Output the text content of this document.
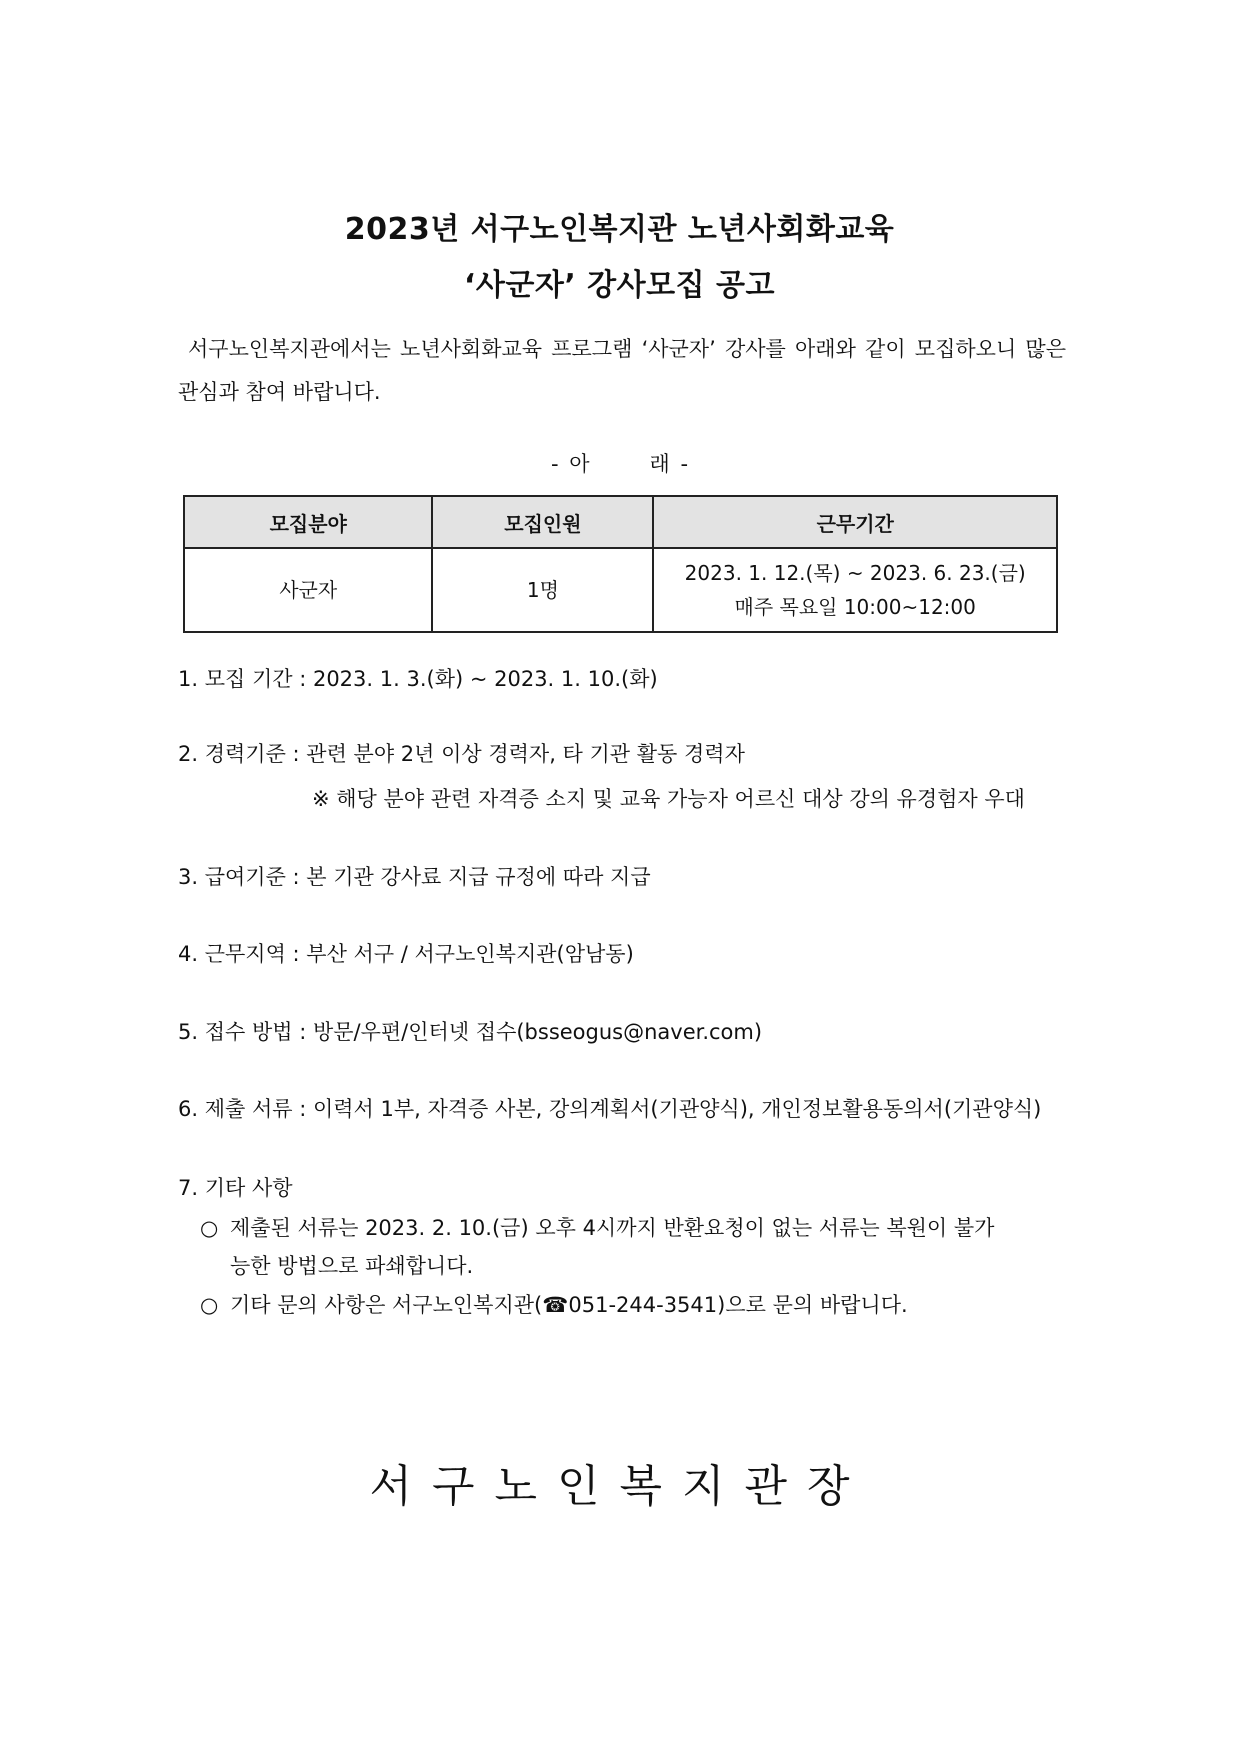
2023년 서구노인복지관 노년사회화교육
‘사군자’ 강사모집 공고
서구노인복지관에서는 노년사회화교육 프로그램 ‘사군자’ 강사를 아래와 같이 모집하오니 많은 관심과 참여 바랍니다.
- 아	래 -
모집분야	모집인원	근무기간
사군자	1명	2023. 1. 12.(목) ~ 2023. 6. 23.(금)
매주 목요일 10:00~12:00
1. 모집 기간 : 2023. 1. 3.(화) ~ 2023. 1. 10.(화)
2. 경력기준 : 관련 분야 2년 이상 경력자, 타 기관 활동 경력자
※ 해당 분야 관련 자격증 소지 및 교육 가능자 어르신 대상 강의 유경험자 우대
3. 급여기준 : 본 기관 강사료 지급 규정에 따라 지급
4. 근무지역 : 부산 서구 / 서구노인복지관(암남동)
5. 접수 방법 : 방문/우편/인터넷 접수(bsseogus@naver.com)
6. 제출 서류 : 이력서 1부, 자격증 사본, 강의계획서(기관양식), 개인정보활용동의서(기관양식)
7. 기타 사항
○ 제출된 서류는 2023. 2. 10.(금) 오후 4시까지 반환요청이 없는 서류는 복원이 불가
능한 방법으로 파쇄합니다.
○ 기타 문의 사항은 서구노인복지관(☎051-244-3541)으로 문의 바랍니다.
서구노인복지관장
